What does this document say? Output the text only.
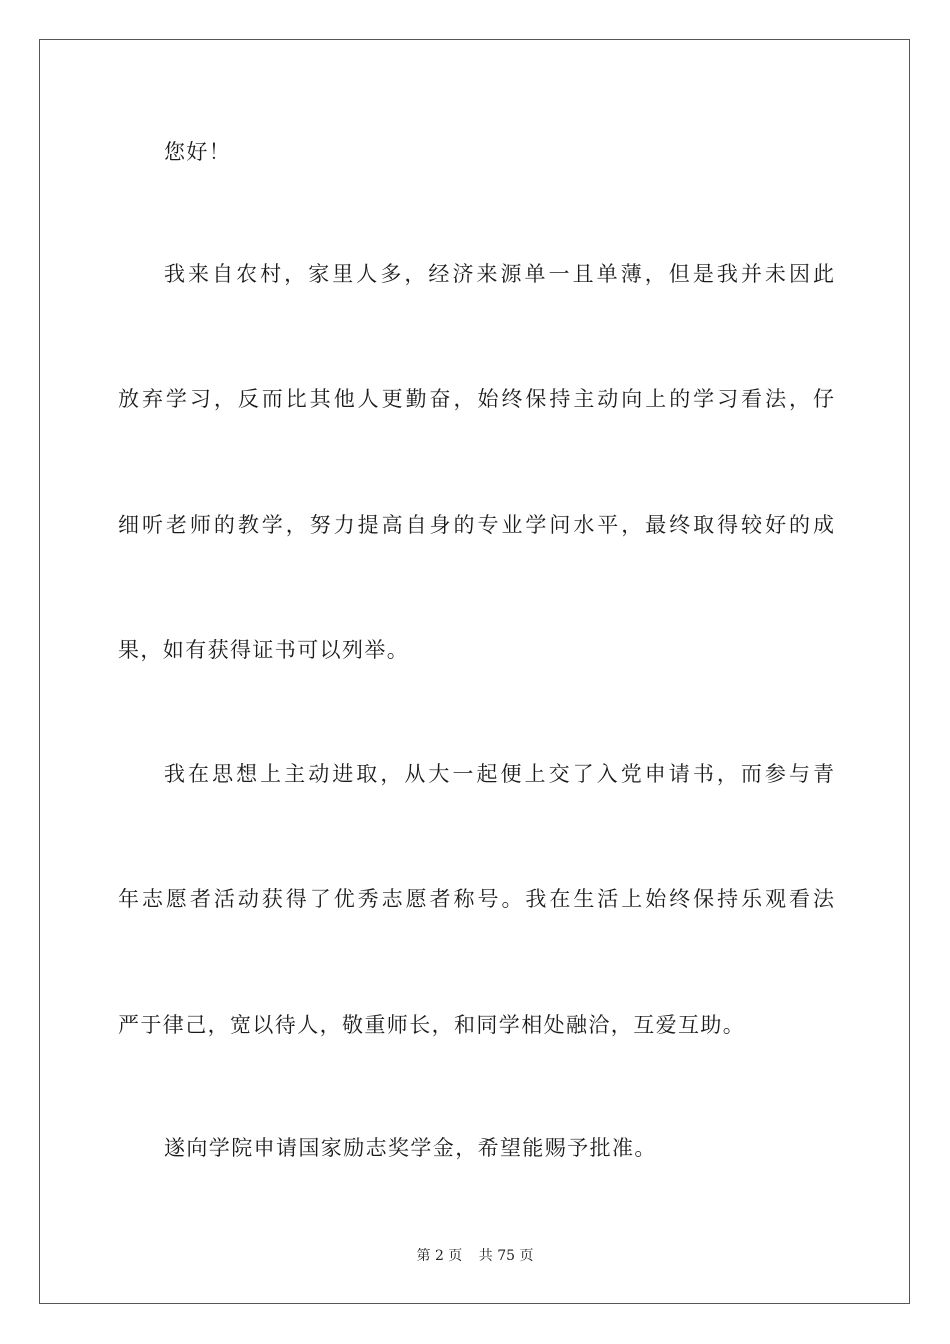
您好！
我来自农村，家里人多，经济来源单一且单薄，但是我并未因此
放弃学习，反而比其他人更勤奋，始终保持主动向上的学习看法，仔
细听老师的教学，努力提高自身的专业学问水平，最终取得较好的成
果，如有获得证书可以列举。
我在思想上主动进取，从大一起便上交了入党申请书，而参与青
年志愿者活动获得了优秀志愿者称号。我在生活上始终保持乐观看法
严于律己，宽以待人，敬重师长，和同学相处融洽，互爱互助。
遂向学院申请国家励志奖学金，希望能赐予批准。
第 2 页 共 75 页
